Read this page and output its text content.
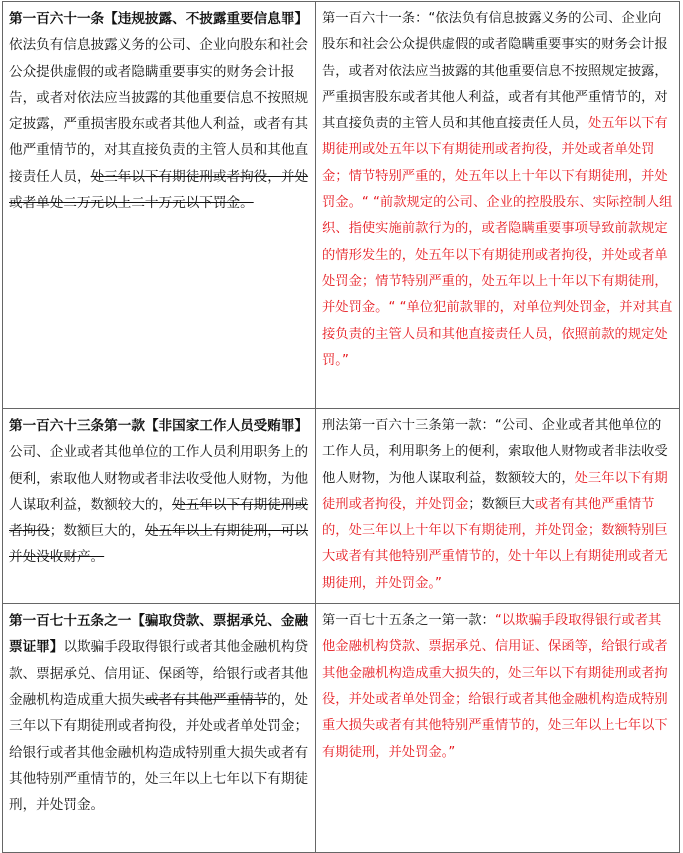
第一百六十一条【违规披露、不披露重要信息罪】依法负有信息披露义务的公司、企业向股东和社会公众提供虚假的或者隐瞒重要事实的财务会计报告，或者对依法应当披露的其他重要信息不按照规定披露，严重损害股东或者其他人利益，或者有其他严重情节的，对其直接负责的主管人员和其他直接责任人员，处三年以下有期徒刑或者拘役，并处或者单处二万元以上二十万元以下罚金。	第一百六十一条：“依法负有信息披露义务的公司、企业向股东和社会公众提供虚假的或者隐瞒重要事实的财务会计报告，或者对依法应当披露的其他重要信息不按照规定披露，严重损害股东或者其他人利益，或者有其他严重情节的，对其直接负责的主管人员和其他直接责任人员，处五年以下有期徒刑或处五年以下有期徒刑或者拘役，并处或者单处罚金；情节特别严重的，处五年以上十年以下有期徒刑，并处罚金。“ “前款规定的公司、企业的控股股东、实际控制人组织、指使实施前款行为的，或者隐瞒重要事项导致前款规定的情形发生的，处五年以下有期徒刑或者拘役，并处或者单处罚金；情节特别严重的，处五年以上十年以下有期徒刑，并处罚金。“ “单位犯前款罪的，对单位判处罚金，并对其直接负责的主管人员和其他直接责任人员，依照前款的规定处罚。”
第一百六十三条第一款【非国家工作人员受贿罪】公司、企业或者其他单位的工作人员利用职务上的便利，索取他人财物或者非法收受他人财物，为他人谋取利益，数额较大的，处五年以下有期徒刑或者拘役；数额巨大的，处五年以上有期徒刑，可以并处没收财产。	刑法第一百六十三条第一款：“公司、企业或者其他单位的工作人员，利用职务上的便利，索取他人财物或者非法收受他人财物，为他人谋取利益，数额较大的，处三年以下有期徒刑或者拘役，并处罚金；数额巨大或者有其他严重情节的，处三年以上十年以下有期徒刑，并处罚金；数额特别巨大或者有其他特别严重情节的，处十年以上有期徒刑或者无期徒刑，并处罚金。”
第一百七十五条之一【骗取贷款、票据承兑、金融票证罪】以欺骗手段取得银行或者其他金融机构贷款、票据承兑、信用证、保函等，给银行或者其他金融机构造成重大损失或者有其他严重情节的，处三年以下有期徒刑或者拘役，并处或者单处罚金；给银行或者其他金融机构造成特别重大损失或者有其他特别严重情节的，处三年以上七年以下有期徒刑，并处罚金。	第一百七十五条之一第一款：“以欺骗手段取得银行或者其他金融机构贷款、票据承兑、信用证、保函等，给银行或者其他金融机构造成重大损失的，处三年以下有期徒刑或者拘役，并处或者单处罚金；给银行或者其他金融机构造成特别重大损失或者有其他特别严重情节的，处三年以上七年以下有期徒刑，并处罚金。”
